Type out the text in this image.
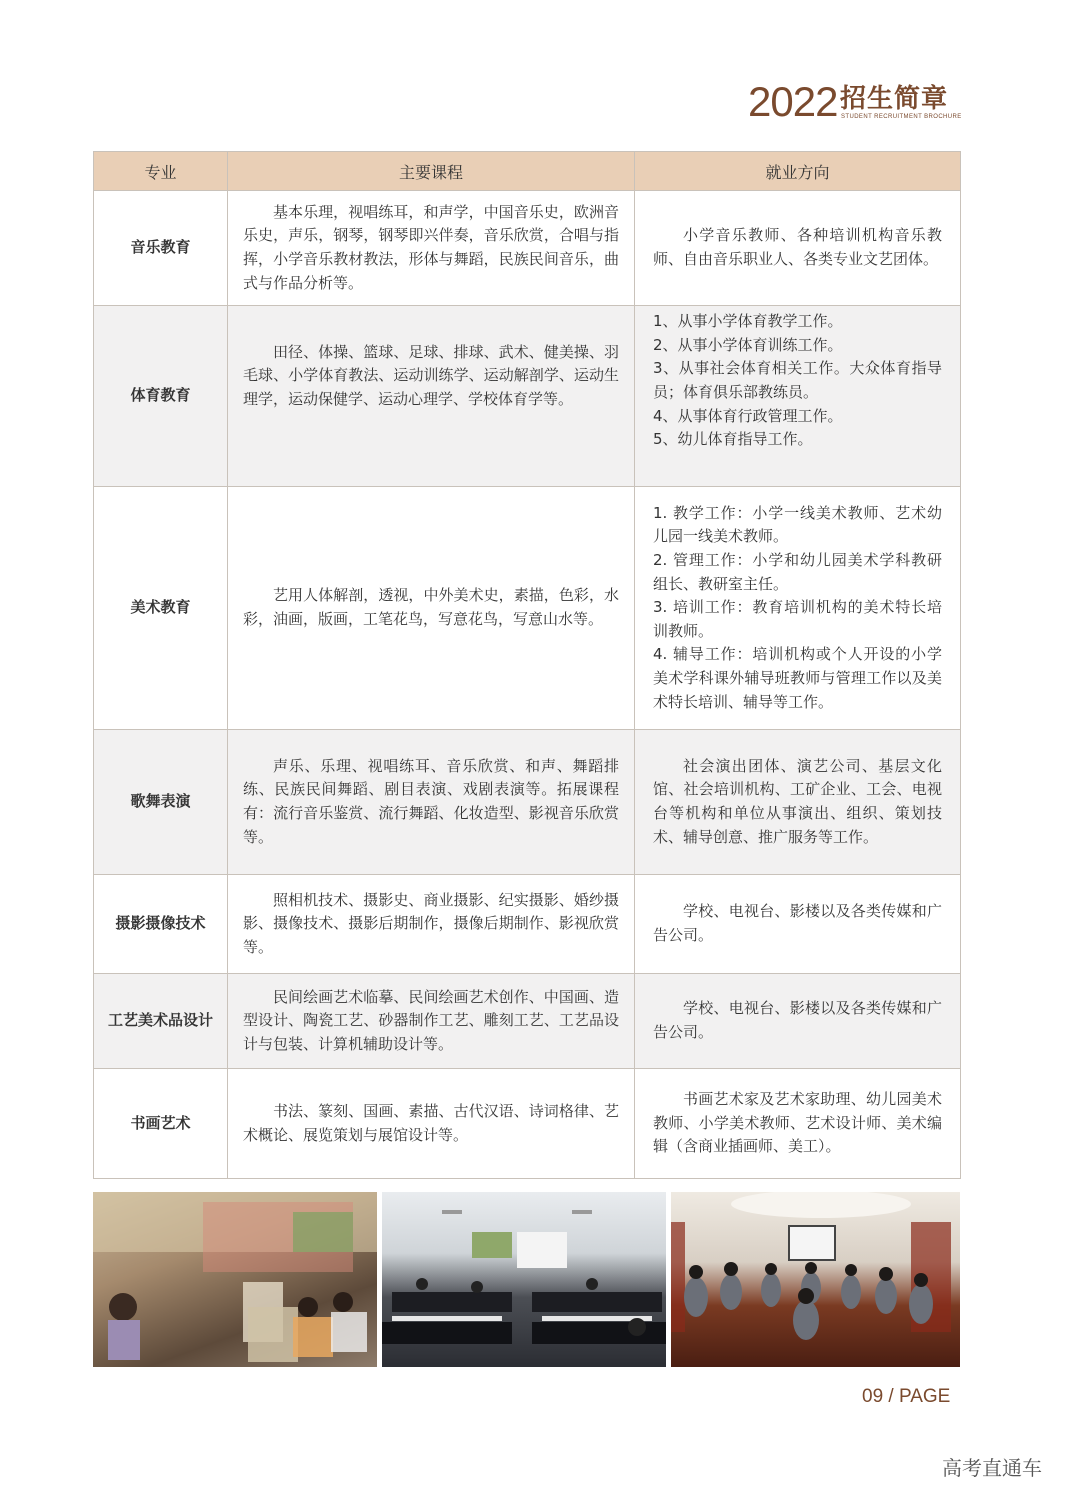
2022 招生简章
STUDENT RECRUITMENT BROCHURE
专业	主要课程	就业方向
音乐教育	基本乐理，视唱练耳，和声学，中国音乐史，欧洲音乐史，声乐，钢琴，钢琴即兴伴奏，音乐欣赏，合唱与指挥，小学音乐教材教法，形体与舞蹈，民族民间音乐，曲式与作品分析等。	小学音乐教师、各种培训机构音乐教师、自由音乐职业人、各类专业文艺团体。

体育教育	田径、体操、篮球、足球、排球、武术、健美操、羽毛球、小学体育教法、运动训练学、运动解剖学、运动生理学，运动保健学、运动心理学、学校体育学等。	1、从事小学体育教学工作。
2、从事小学体育训练工作。
3、从事社会体育相关工作。大众体育指导员；体育俱乐部教练员。
4、从事体育行政管理工作。
5、幼儿体育指导工作。

美术教育	艺用人体解剖，透视，中外美术史，素描，色彩，水彩，油画，版画，工笔花鸟，写意花鸟，写意山水等。	1. 教学工作：小学一线美术教师、艺术幼儿园一线美术教师。
2. 管理工作：小学和幼儿园美术学科教研组长、教研室主任。
3. 培训工作：教育培训机构的美术特长培训教师。
4. 辅导工作：培训机构或个人开设的小学美术学科课外辅导班教师与管理工作以及美术特长培训、辅导等工作。

歌舞表演	声乐、乐理、视唱练耳、音乐欣赏、和声、舞蹈排练、民族民间舞蹈、剧目表演、戏剧表演等。拓展课程有：流行音乐鉴赏、流行舞蹈、化妆造型、影视音乐欣赏等。	社会演出团体、演艺公司、基层文化馆、社会培训机构、工矿企业、工会、电视台等机构和单位从事演出、组织、策划技术、辅导创意、推广服务等工作。

摄影摄像技术	照相机技术、摄影史、商业摄影、纪实摄影、婚纱摄影、摄像技术、摄影后期制作，摄像后期制作、影视欣赏等。	学校、电视台、影楼以及各类传媒和广告公司。

工艺美术品设计	民间绘画艺术临摹、民间绘画艺术创作、中国画、造型设计、陶瓷工艺、砂器制作工艺、雕刻工艺、工艺品设计与包装、计算机辅助设计等。	学校、电视台、影楼以及各类传媒和广告公司。

书画艺术	书法、篆刻、国画、素描、古代汉语、诗词格律、艺术概论、展览策划与展馆设计等。	书画艺术家及艺术家助理、幼儿园美术教师、小学美术教师、艺术设计师、美术编辑（含商业插画师、美工）。
09 / PAGE
高考直通车
